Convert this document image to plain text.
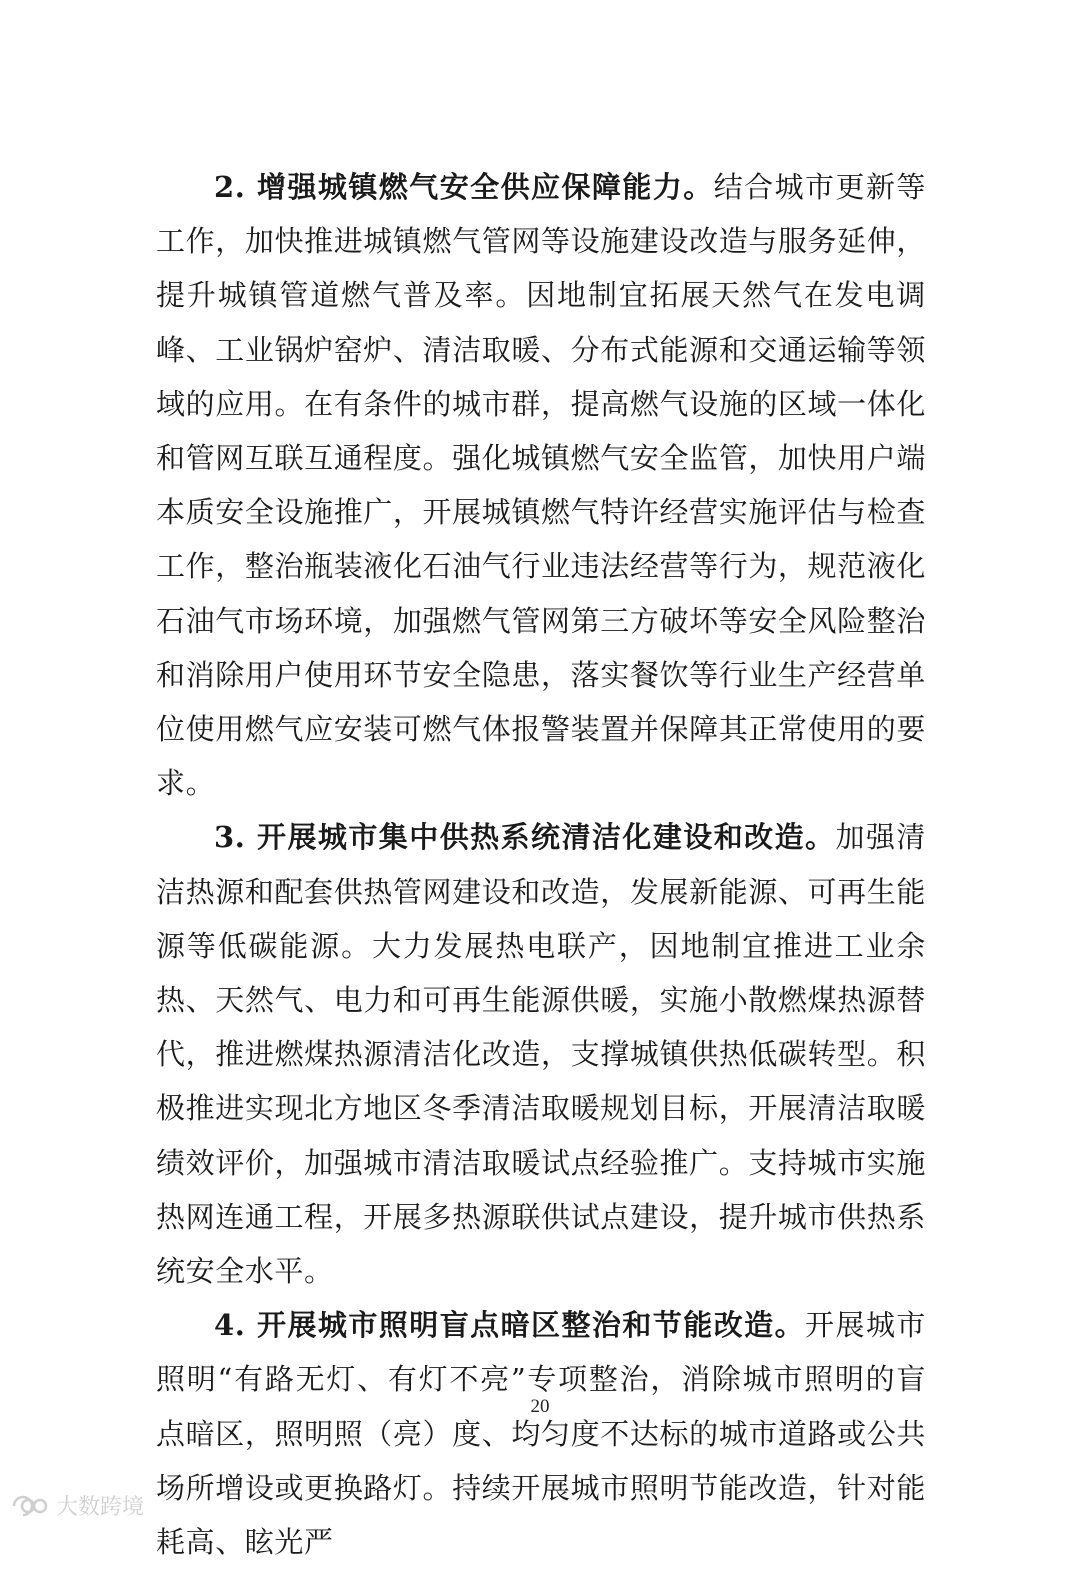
2. 增强城镇燃气安全供应保障能力。结合城市更新等工作，加快推进城镇燃气管网等设施建设改造与服务延伸，提升城镇管道燃气普及率。因地制宜拓展天然气在发电调峰、工业锅炉窑炉、清洁取暖、分布式能源和交通运输等领域的应用。在有条件的城市群，提高燃气设施的区域一体化和管网互联互通程度。强化城镇燃气安全监管，加快用户端本质安全设施推广，开展城镇燃气特许经营实施评估与检查工作，整治瓶装液化石油气行业违法经营等行为，规范液化石油气市场环境，加强燃气管网第三方破坏等安全风险整治和消除用户使用环节安全隐患，落实餐饮等行业生产经营单位使用燃气应安装可燃气体报警装置并保障其正常使用的要求。

3. 开展城市集中供热系统清洁化建设和改造。加强清洁热源和配套供热管网建设和改造，发展新能源、可再生能源等低碳能源。大力发展热电联产，因地制宜推进工业余热、天然气、电力和可再生能源供暖，实施小散燃煤热源替代，推进燃煤热源清洁化改造，支撑城镇供热低碳转型。积极推进实现北方地区冬季清洁取暖规划目标，开展清洁取暖绩效评价，加强城市清洁取暖试点经验推广。支持城市实施热网连通工程，开展多热源联供试点建设，提升城市供热系统安全水平。

4. 开展城市照明盲点暗区整治和节能改造。开展城市照明“有路无灯、有灯不亮”专项整治，消除城市照明的盲点暗区，照明照（亮）度、均匀度不达标的城市道路或公共场所增设或更换路灯。持续开展城市照明节能改造，针对能耗高、眩光严

20
大数跨境
